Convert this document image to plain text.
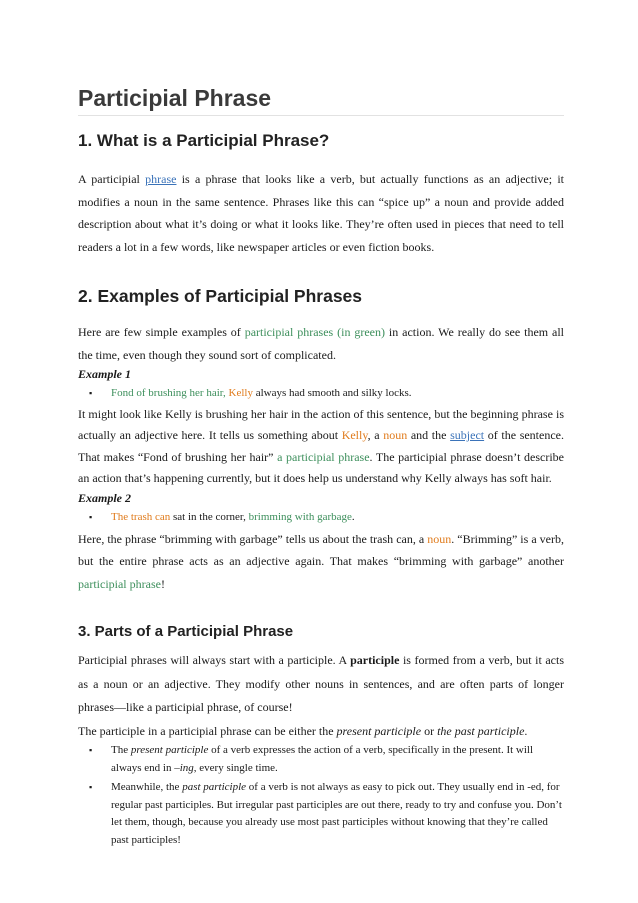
Participial Phrase
1. What is a Participial Phrase?

A participial phrase is a phrase that looks like a verb, but actually functions as an adjective; it modifies a noun in the same sentence. Phrases like this can “spice up” a noun and provide added description about what it’s doing or what it looks like. They’re often used in pieces that need to tell readers a lot in a few words, like newspaper articles or even fiction books.

2. Examples of Participial Phrases

Here are few simple examples of participial phrases (in green) in action. We really do see them all the time, even though they sound sort of complicated.

Example 1
▪ Fond of brushing her hair, Kelly always had smooth and silky locks.

It might look like Kelly is brushing her hair in the action of this sentence, but the beginning phrase is actually an adjective here. It tells us something about Kelly, a noun and the subject of the sentence. That makes “Fond of brushing her hair” a participial phrase. The participial phrase doesn’t describe an action that’s happening currently, but it does help us understand why Kelly always has soft hair.

Example 2
▪ The trash can sat in the corner, brimming with garbage.

Here, the phrase “brimming with garbage” tells us about the trash can, a noun. “Brimming” is a verb, but the entire phrase acts as an adjective again. That makes “brimming with garbage” another participial phrase!

3. Parts of a Participial Phrase

Participial phrases will always start with a participle. A participle is formed from a verb, but it acts as a noun or an adjective. They modify other nouns in sentences, and are often parts of longer phrases—like a participial phrase, of course!

The participle in a participial phrase can be either the present participle or the past participle.

▪ The present participle of a verb expresses the action of a verb, specifically in the present. It will always end in –ing, every single time.
▪ Meanwhile, the past participle of a verb is not always as easy to pick out. They usually end in -ed, for regular past participles. But irregular past participles are out there, ready to try and confuse you. Don’t let them, though, because you already use most past participles without knowing that they’re called past participles!
